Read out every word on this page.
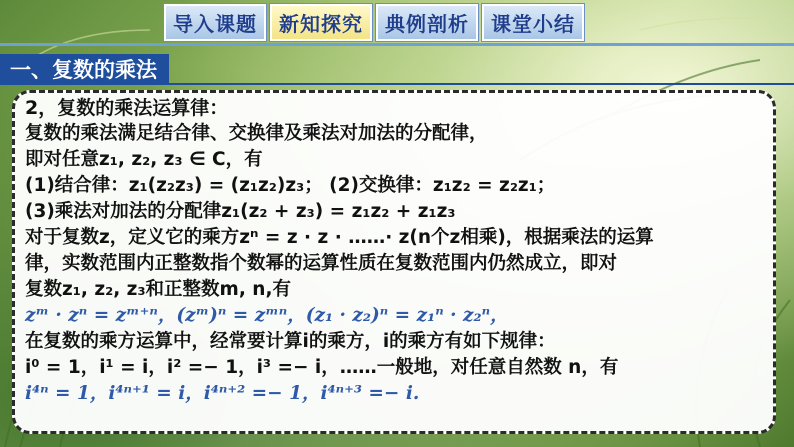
导入课题	新知探究	典例剖析	课堂小结
一、复数的乘法
2，复数的乘法运算律：
复数的乘法满足结合律、交换律及乘法对加法的分配律，
即对任意z₁, z₂, z₃ ∈ C，有
(1)结合律：z₁(z₂z₃) = (z₁z₂)z₃； (2)交换律：z₁z₂ = z₂z₁；
(3)乘法对加法的分配律z₁(z₂ + z₃) = z₁z₂ + z₁z₃
对于复数z，定义它的乘方zⁿ = z · z · ……· z(n个z相乘)，根据乘法的运算
律，实数范围内正整数指个数幂的运算性质在复数范围内仍然成立，即对
复数z₁, z₂, z₃和正整数m, n,有
zᵐ · zⁿ = zᵐ⁺ⁿ，(zᵐ)ⁿ = zᵐⁿ，(z₁ · z₂)ⁿ = z₁ⁿ · z₂ⁿ，
在复数的乘方运算中，经常要计算i的乘方，i的乘方有如下规律：
i⁰ = 1，i¹ = i，i² =− 1，i³ =− i，……一般地，对任意自然数 n，有
i⁴ⁿ = 1，i⁴ⁿ⁺¹ = i，i⁴ⁿ⁺² =− 1，i⁴ⁿ⁺³ =− i.
